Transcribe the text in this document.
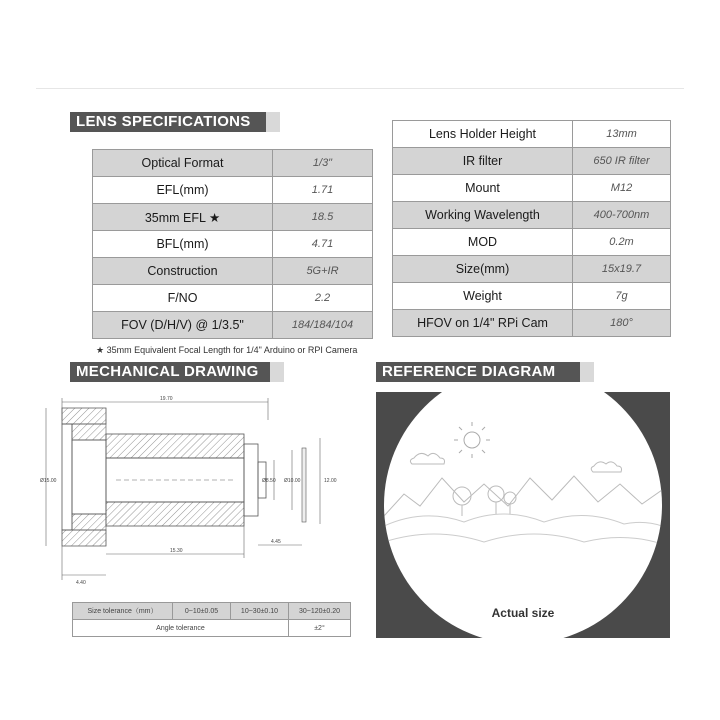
LENS SPECIFICATIONS
MECHANICAL DRAWING	REFERENCE DIAGRAM
Optical Format	1/3"
EFL(mm)	1.71
35mm EFL ★	18.5
BFL(mm)	4.71
Construction	5G+IR
F/NO	2.2
FOV (D/H/V) @ 1/3.5"	184/184/104
Lens Holder Height	13mm
IR filter	650 IR filter
Mount	M12
Working Wavelength	400-700nm
MOD	0.2m
Size(mm)	15x19.7
Weight	7g
HFOV on 1/4" RPi Cam	180°
★ 35mm Equivalent Focal Length for 1/4" Arduino or RPI Camera
19.70
Ø15.00	12.00
Ø8.50 Ø10.00
15.30
4.45
4.40
Size tolerance（mm）	0~10±0.05	10~30±0.10	30~120±0.20
Angle tolerance			±2°
Actual size
